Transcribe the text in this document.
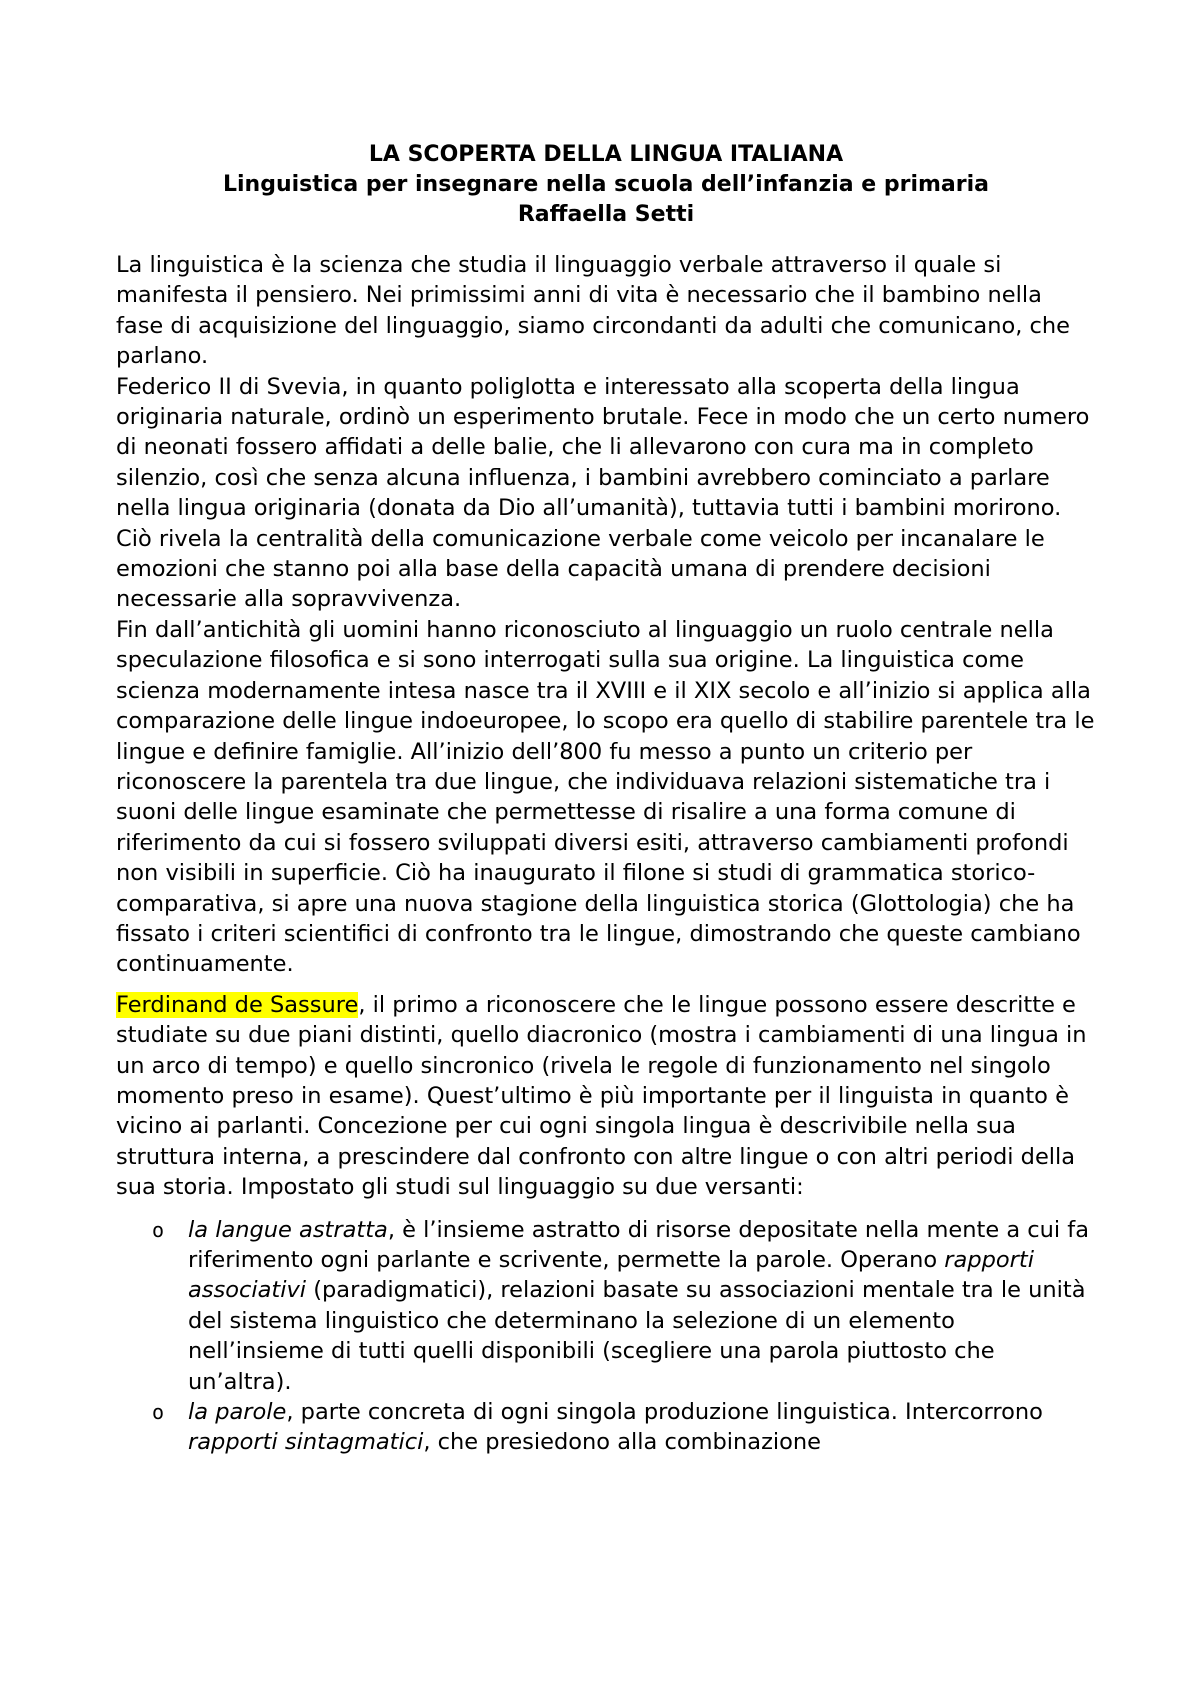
LA SCOPERTA DELLA LINGUA ITALIANA
Linguistica per insegnare nella scuola dell’infanzia e primaria
Raffaella Setti

La linguistica è la scienza che studia il linguaggio verbale attraverso il quale si manifesta il pensiero. Nei primissimi anni di vita è necessario che il bambino nella fase di acquisizione del linguaggio, siamo circondanti da adulti che comunicano, che parlano.

Federico II di Svevia, in quanto poliglotta e interessato alla scoperta della lingua originaria naturale, ordinò un esperimento brutale. Fece in modo che un certo numero di neonati fossero affidati a delle balie, che li allevarono con cura ma in completo silenzio, così che senza alcuna influenza, i bambini avrebbero cominciato a parlare nella lingua originaria (donata da Dio all’umanità), tuttavia tutti i bambini morirono. Ciò rivela la centralità della comunicazione verbale come veicolo per incanalare le emozioni che stanno poi alla base della capacità umana di prendere decisioni necessarie alla sopravvivenza.

Fin dall’antichità gli uomini hanno riconosciuto al linguaggio un ruolo centrale nella speculazione filosofica e si sono interrogati sulla sua origine. La linguistica come scienza modernamente intesa nasce tra il XVIII e il XIX secolo e all’inizio si applica alla comparazione delle lingue indoeuropee, lo scopo era quello di stabilire parentele tra le lingue e definire famiglie. All’inizio dell’800 fu messo a punto un criterio per riconoscere la parentela tra due lingue, che individuava relazioni sistematiche tra i suoni delle lingue esaminate che permettesse di risalire a una forma comune di riferimento da cui si fossero sviluppati diversi esiti, attraverso cambiamenti profondi non visibili in superficie. Ciò ha inaugurato il filone si studi di grammatica storico-comparativa, si apre una nuova stagione della linguistica storica (Glottologia) che ha fissato i criteri scientifici di confronto tra le lingue, dimostrando che queste cambiano continuamente.

Ferdinand de Sassure, il primo a riconoscere che le lingue possono essere descritte e studiate su due piani distinti, quello diacronico (mostra i cambiamenti di una lingua in un arco di tempo) e quello sincronico (rivela le regole di funzionamento nel singolo momento preso in esame). Quest’ultimo è più importante per il linguista in quanto è vicino ai parlanti. Concezione per cui ogni singola lingua è descrivibile nella sua struttura interna, a prescindere dal confronto con altre lingue o con altri periodi della sua storia. Impostato gli studi sul linguaggio su due versanti:

o la langue astratta, è l’insieme astratto di risorse depositate nella mente a cui fa riferimento ogni parlante e scrivente, permette la parole. Operano rapporti associativi (paradigmatici), relazioni basate su associazioni mentale tra le unità del sistema linguistico che determinano la selezione di un elemento nell’insieme di tutti quelli disponibili (scegliere una parola piuttosto che un’altra).
o la parole, parte concreta di ogni singola produzione linguistica. Intercorrono rapporti sintagmatici, che presiedono alla combinazione
